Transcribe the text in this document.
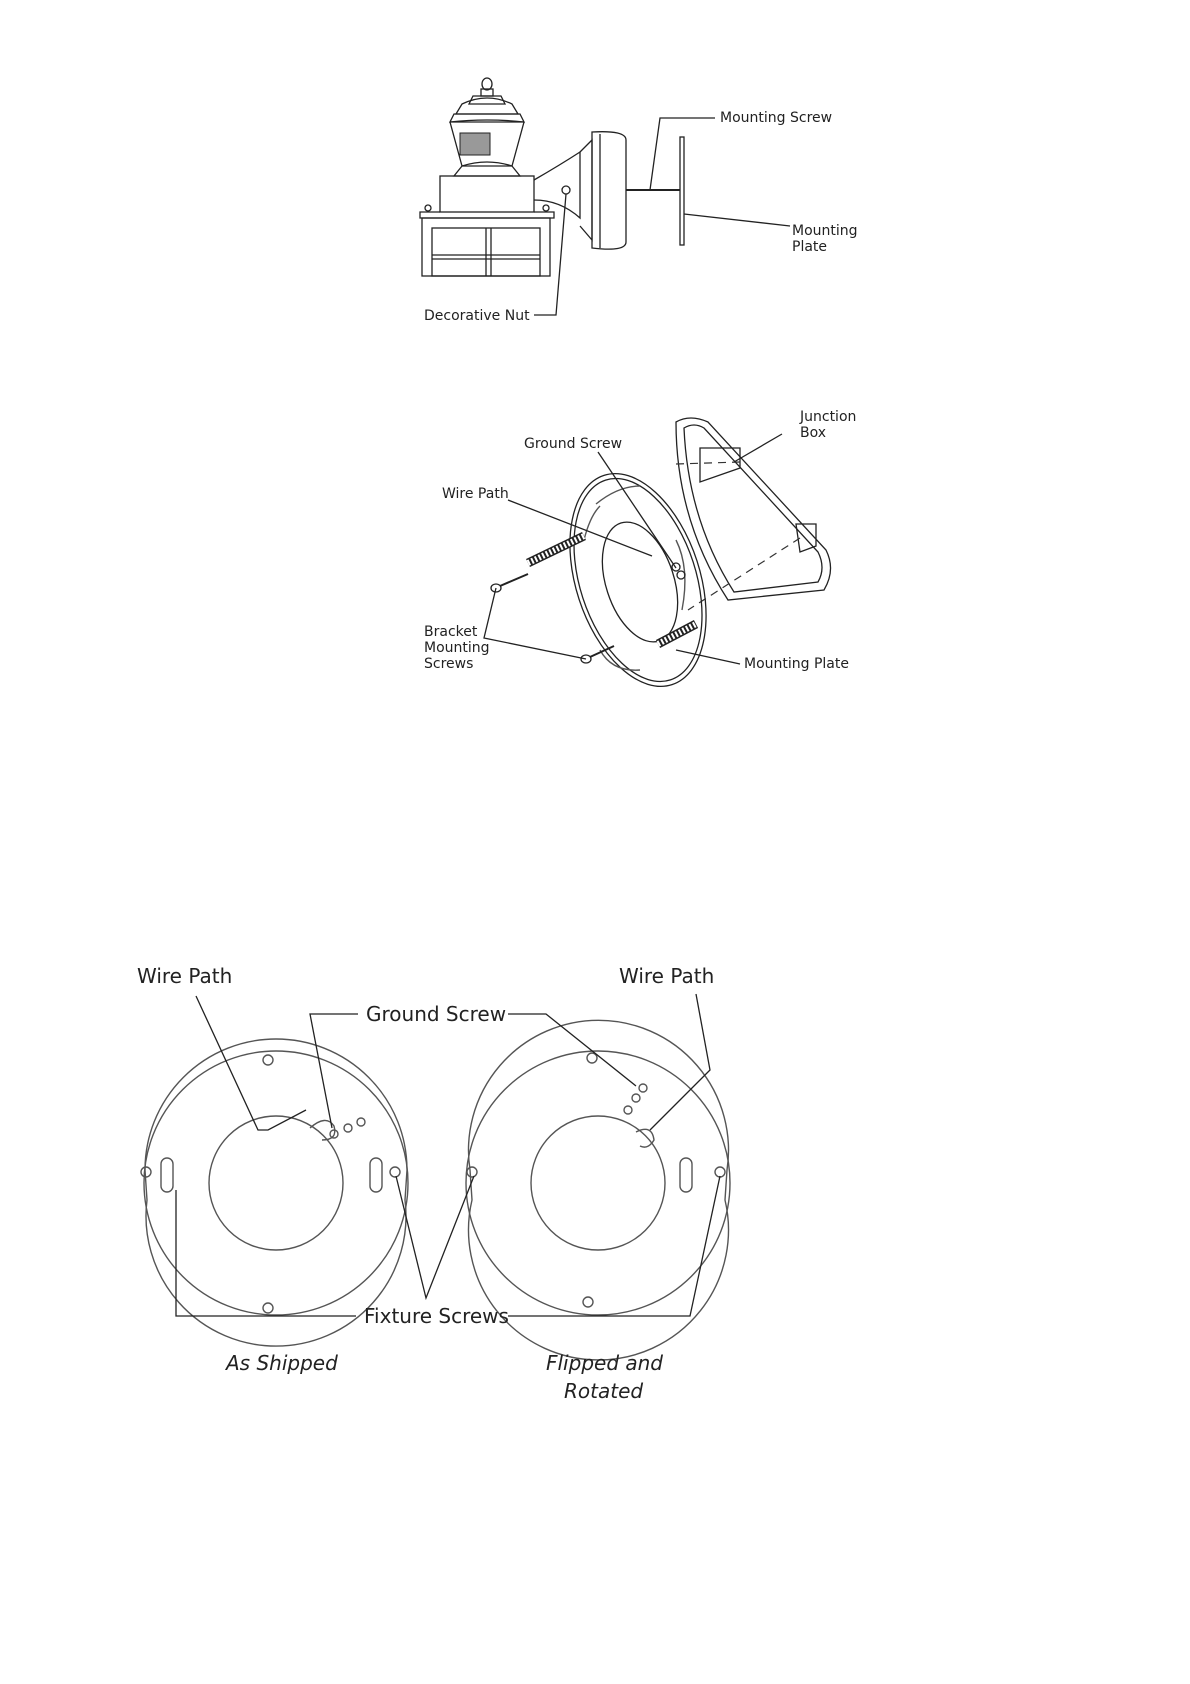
Mounting Screw
Mounting
Plate
Decorative Nut
Junction
Box
Ground Screw
Wire Path
Bracket
Mounting
Screws	Mounting Plate
Wire Path	Wire Path
Ground Screw
Fixture Screws
As Shipped	Flipped and
Rotated
